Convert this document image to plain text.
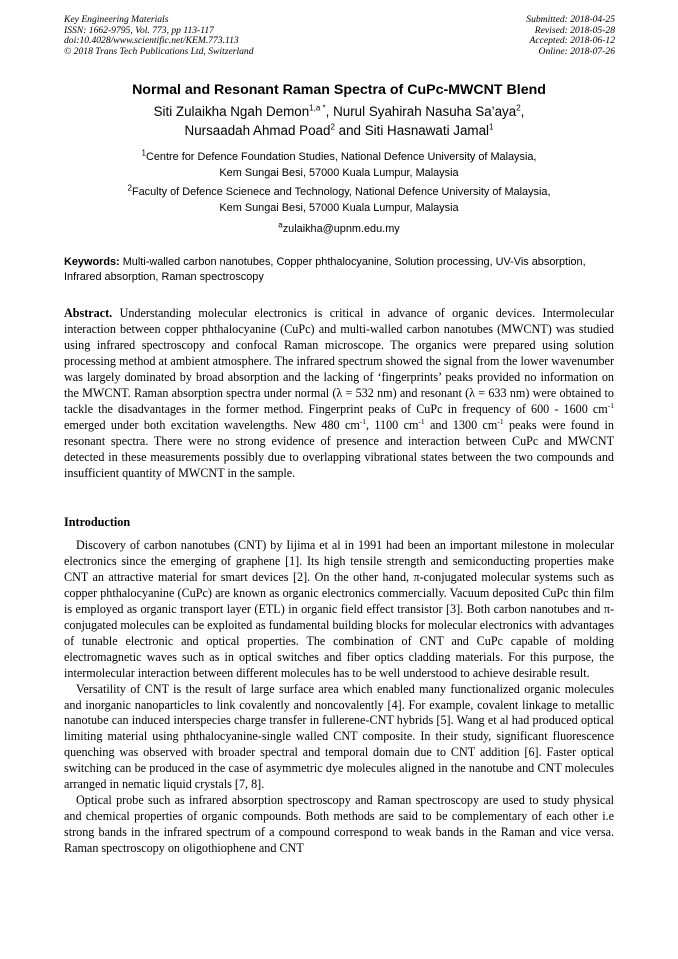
Key Engineering Materials
ISSN: 1662-9795, Vol. 773, pp 113-117
doi:10.4028/www.scientific.net/KEM.773.113
© 2018 Trans Tech Publications Ltd, Switzerland
Submitted: 2018-04-25
Revised: 2018-05-28
Accepted: 2018-06-12
Online: 2018-07-26
Normal and Resonant Raman Spectra of CuPc-MWCNT Blend
Siti Zulaikha Ngah Demon$^{1,a *}$, Nurul Syahirah Nasuha Sa’aya$^2$,
Nursaadah Ahmad Poad$^2$ and Siti Hasnawati Jamal$^1$
$^1$Centre for Defence Foundation Studies, National Defence University of Malaysia,
Kem Sungai Besi, 57000 Kuala Lumpur, Malaysia
$^2$Faculty of Defence Scienece and Technology, National Defence University of Malaysia,
Kem Sungai Besi, 57000 Kuala Lumpur, Malaysia
$^a$zulaikha@upnm.edu.my
Keywords: Multi-walled carbon nanotubes, Copper phthalocyanine, Solution processing, UV-Vis absorption, Infrared absorption, Raman spectroscopy
Abstract. Understanding molecular electronics is critical in advance of organic devices. Intermolecular interaction between copper phthalocyanine (CuPc) and multi-walled carbon nanotubes (MWCNT) was studied using infrared spectroscopy and confocal Raman microscope. The organics were prepared using solution processing method at ambient atmosphere. The infrared spectrum showed the signal from the lower wavenumber was largely dominated by broad absorption and the lacking of ‘fingerprints’ peaks provided no information on the MWCNT. Raman absorption spectra under normal (λ = 532 nm) and resonant (λ = 633 nm) were obtained to tackle the disadvantages in the former method. Fingerprint peaks of CuPc in frequency of 600 - 1600 $cm^{-1}$ emerged under both excitation wavelengths. New 480 $cm^{-1}$, 1100 $cm^{-1}$ and 1300 $cm^{-1}$ peaks were found in resonant spectra. There were no strong evidence of presence and interaction between CuPc and MWCNT detected in these measurements possibly due to overlapping vibrational states between the two compounds and insufficient quantity of MWCNT in the sample.
Introduction

Discovery of carbon nanotubes (CNT) by Iijima et al in 1991 had been an important milestone in molecular electronics since the emerging of graphene [1]. Its high tensile strength and semiconducting properties make CNT an attractive material for smart devices [2]. On the other hand, π-conjugated molecular systems such as copper phthalocyanine (CuPc) are known as organic electronics commercially. Vacuum deposited CuPc thin film is employed as organic transport layer (ETL) in organic field effect transistor [3]. Both carbon nanotubes and π-conjugated molecules can be exploited as fundamental building blocks for molecular electronics with advantages of tunable electronic and optical properties. The combination of CNT and CuPc capable of molding electromagnetic waves such as in optical switches and fiber optics cladding materials. For this purpose, the intermolecular interaction between different molecules has to be well understood to achieve desirable result.

Versatility of CNT is the result of large surface area which enabled many functionalized organic molecules and inorganic nanoparticles to link covalently and noncovalently [4]. For example, covalent linkage to metallic nanotube can induced interspecies charge transfer in fullerene-CNT hybrids [5]. Wang et al had produced optical limiting material using phthalocyanine-single walled CNT composite. In their study, significant fluorescence quenching was observed with broader spectral and temporal domain due to CNT addition [6]. Faster optical switching can be produced in the case of asymmetric dye molecules aligned in the nanotube and CNT molecules arranged in nematic liquid crystals [7, 8].

Optical probe such as infrared absorption spectroscopy and Raman spectroscopy are used to study physical and chemical properties of organic compounds. Both methods are said to be complementary of each other i.e strong bands in the infrared spectrum of a compound correspond to weak bands in the Raman and vice versa. Raman spectroscopy on oligothiophene and CNT
